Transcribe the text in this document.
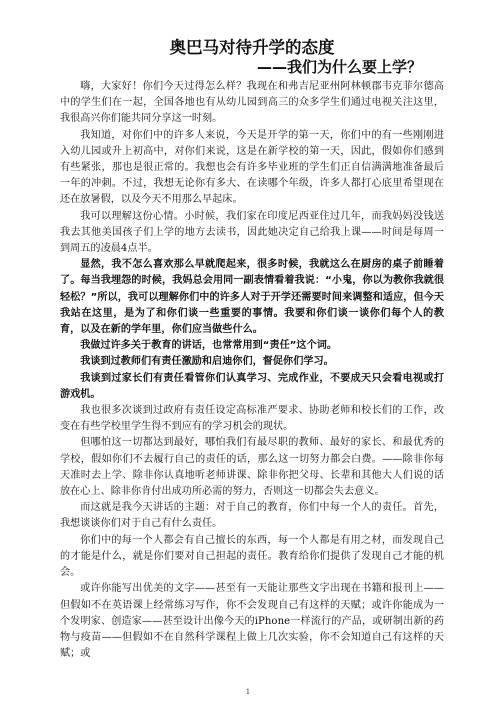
奥巴马对待升学的态度
——我们为什么要上学？

嗨，大家好！你们今天过得怎么样？我现在和弗吉尼亚州阿林顿郡韦克菲尔德高中的学生们在一起，全国各地也有从幼儿园到高三的众多学生们通过电视关注这里，我很高兴你们能共同分享这一时刻。

我知道，对你们中的许多人来说，今天是开学的第一天，你们中的有一些刚刚进入幼儿园或升上初高中，对你们来说，这是在新学校的第一天，因此，假如你们感到有些紧张，那也是很正常的。我想也会有许多毕业班的学生们正自信满满地准备最后一年的冲刺。不过，我想无论你有多大、在读哪个年级，许多人都打心底里希望现在还在放暑假，以及今天不用那么早起床。

我可以理解这份心情。小时候，我们家在印度尼西亚住过几年，而我妈妈没钱送我去其他美国孩子们上学的地方去读书，因此她决定自己给我上课——时间是每周一到周五的凌晨4点半。

显然，我不怎么喜欢那么早就爬起来，很多时候，我就这么在厨房的桌子前睡着了。每当我埋怨的时候，我妈总会用同一副表情看着我说：“小鬼，你以为教你我就很轻松？”所以，我可以理解你们中的许多人对于开学还需要时间来调整和适应，但今天我站在这里，是为了和你们谈一些重要的事情。我要和你们谈一谈你们每个人的教育，以及在新的学年里，你们应当做些什么。

我做过许多关于教育的讲话，也常常用到“责任”这个词。

我谈到过教师们有责任激励和启迪你们，督促你们学习。

我谈到过家长们有责任看管你们认真学习、完成作业，不要成天只会看电视或打游戏机。

我也很多次谈到过政府有责任设定高标准严要求、协助老师和校长们的工作，改变在有些学校里学生得不到应有的学习机会的现状。

但哪怕这一切都达到最好，哪怕我们有最尽职的教师、最好的家长、和最优秀的学校，假如你们不去履行自己的责任的话，那么这一切努力都会白费。——除非你每天准时去上学、除非你认真地听老师讲课、除非你把父母、长辈和其他大人们说的话放在心上、除非你肯付出成功所必需的努力，否则这一切都会失去意义。

而这就是我今天讲话的主题：对于自己的教育，你们中每一个人的责任。首先，我想谈谈你们对于自己有什么责任。

你们中的每一个人都会有自己擅长的东西，每一个人都是有用之材，而发现自己的才能是什么，就是你们要对自己担起的责任。教育给你们提供了发现自己才能的机会。

或许你能写出优美的文字——甚至有一天能让那些文字出现在书籍和报刊上——但假如不在英语课上经常练习写作，你不会发现自己有这样的天赋；或许你能成为一个发明家、创造家——甚至设计出像今天的iPhone一样流行的产品，或研制出新的药物与疫苗——但假如不在自然科学课程上做上几次实验，你不会知道自己有这样的天赋；或

1
